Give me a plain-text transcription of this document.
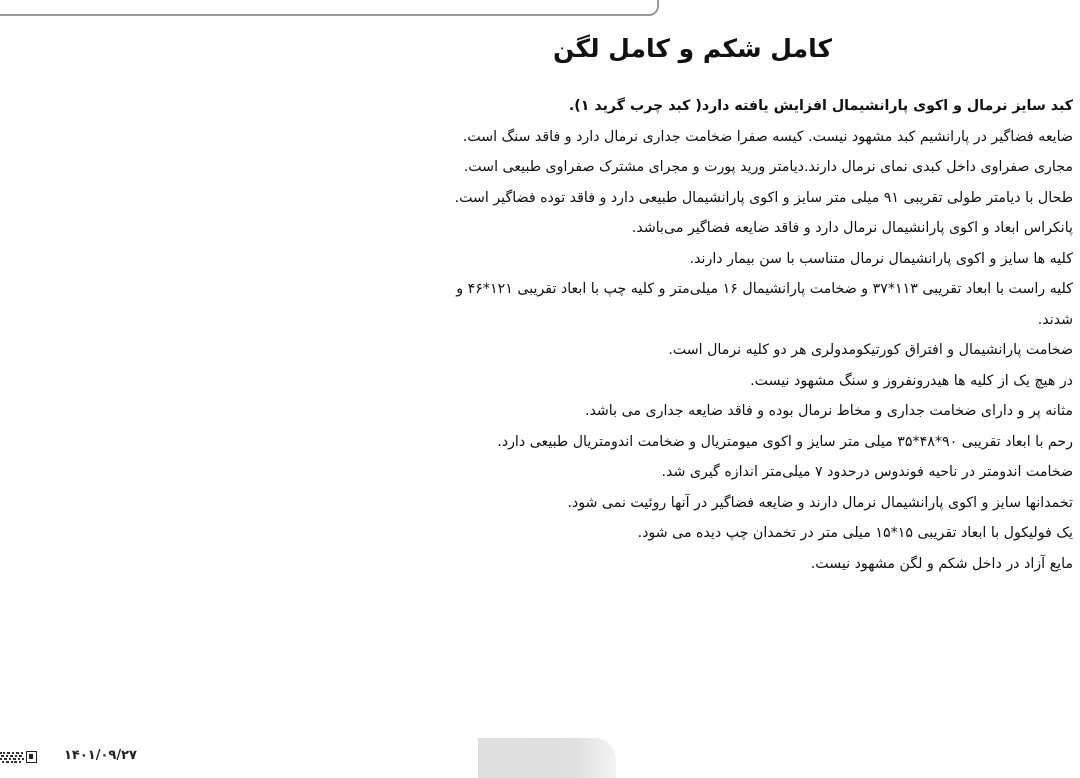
کامل شکم و کامل لگن
کبد سایز نرمال و اکوی پارانشیمال افزایش یافته دارد( کبد چرب گرید ۱).
ضایعه فضاگیر در پارانشیم کبد مشهود نیست. کیسه صفرا ضخامت جداری نرمال دارد و فاقد سنگ است.
مجاری صفراوی داخل کبدی نمای نرمال دارند.دیامتر ورید پورت و مجرای مشترک صفراوی طبیعی است.
طحال با دیامتر طولی تقریبی ۹۱ میلی متر سایز و اکوی پارانشیمال طبیعی دارد و فاقد توده فضاگیر است.
پانکراس ابعاد و اکوی پارانشیمال نرمال دارد و فاقد ضایعه فضاگیر می‌باشد.
کلیه ها سایز و اکوی پارانشیمال نرمال متناسب با سن بیمار دارند.
کلیه راست با ابعاد تقریبی ۱۱۳*۳۷ و ضخامت پارانشیمال ۱۶ میلی‌متر و کلیه چپ با ابعاد تقریبی ۱۲۱*۴۶ و
شدند.
ضخامت پارانشیمال و افتراق کورتیکومدولری هر دو کلیه نرمال است.
در هیچ یک از کلیه ها هیدرونفروز و سنگ مشهود نیست.
مثانه پر و دارای ضخامت جداری و مخاط نرمال بوده و فاقد ضایعه جداری می باشد.
رحم با ابعاد تقریبی ۹۰*۴۸*۳۵ میلی متر سایز و اکوی میومتریال و ضخامت اندومتریال طبیعی دارد.
ضخامت اندومتر در ناحیه فوندوس درحدود ۷ میلی‌متر اندازه گیری شد.
تخمدانها سایز و اکوی پارانشیمال نرمال دارند و ضایعه فضاگیر در آنها روئیت نمی شود.
یک فولیکول با ابعاد تقریبی ۱۵*۱۵ میلی متر در تخمدان چپ دیده می شود.
مایع آزاد در داخل شکم و لگن مشهود نیست.
۱۴۰۱/۰۹/۲۷
